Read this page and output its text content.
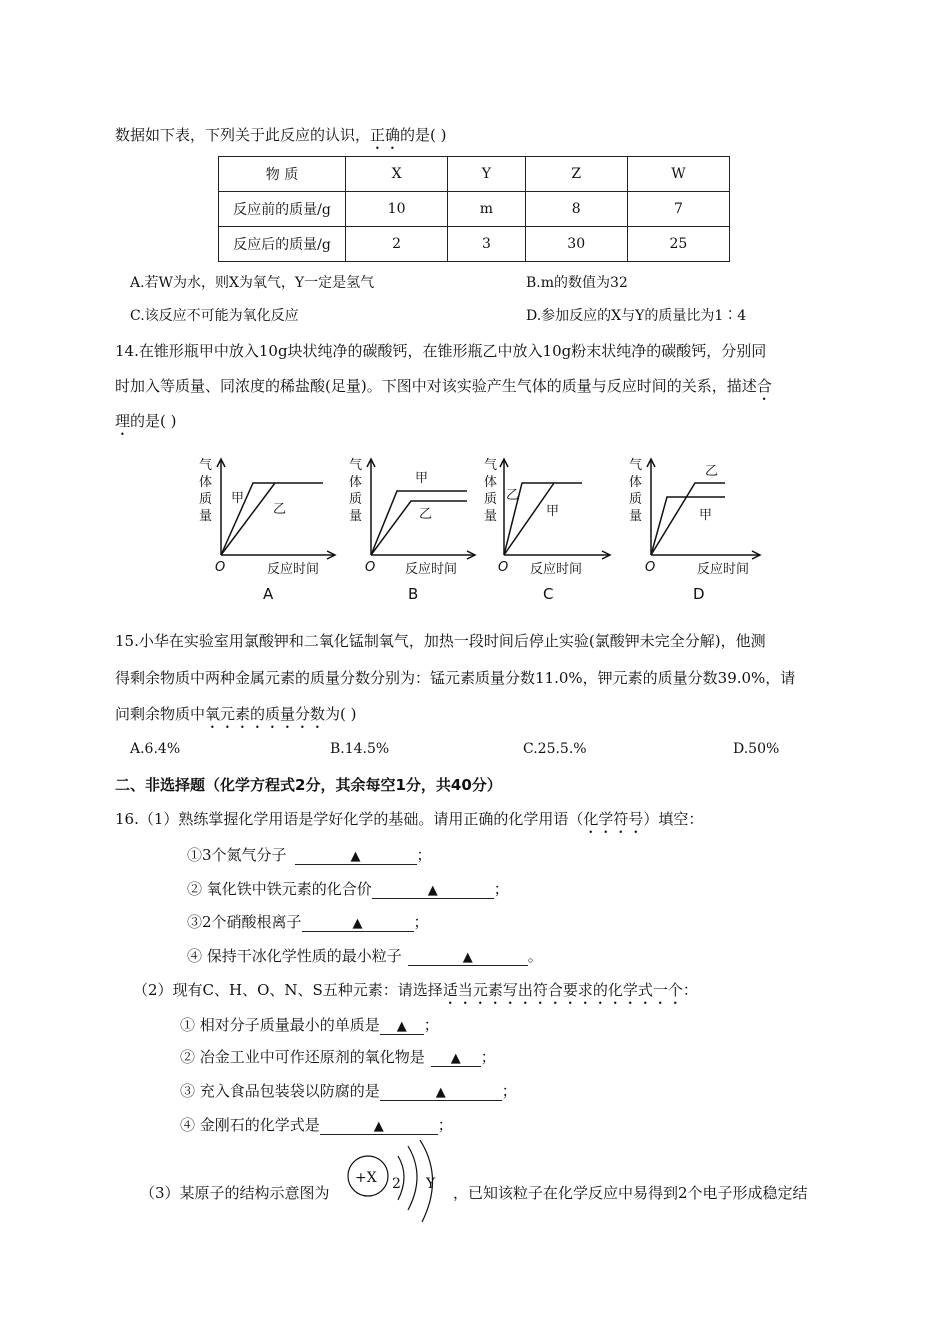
数据如下表，下列关于此反应的认识，正确的是( )
物 质	X	Y	Z	W
反应前的质量/g	10	m	8	7
反应后的质量/g	2	3	30	25
A.若W为水，则X为氧气，Y一定是氢气	B.m的数值为32
C.该反应不可能为氧化反应	D.参加反应的X与Y的质量比为1∶4
14.在锥形瓶甲中放入10g块状纯净的碳酸钙，在锥形瓶乙中放入10g粉末状纯净的碳酸钙，分别同
时加入等质量、同浓度的稀盐酸(足量)。下图中对该实验产生气体的质量与反应时间的关系，描述合
理的是( )
气
体
质
量
O	反应时间
甲
乙
A
气
体
质
量
O 反应时间
甲
乙
B
气
体
质
量
O 反应时间
乙
甲
C
气
体
质
量
O	反应时间
乙
甲
D
15.小华在实验室用氯酸钾和二氧化锰制氧气，加热一段时间后停止实验(氯酸钾未完全分解)，他测
得剩余物质中两种金属元素的质量分数分别为：锰元素质量分数11.0%，钾元素的质量分数39.0%，请
问剩余物质中氧元素的质量分数为( )
A.6.4%	B.14.5%	C.25.5.%	D.50%
二、非选择题（化学方程式2分，其余每空1分，共40分）
16.（1）熟练掌握化学用语是学好化学的基础。请用正确的化学用语（化学符号）填空：
①3个氮气分子	▲	；
② 氧化铁中铁元素的化合价	▲	；
③2个硝酸根离子	▲	；
④ 保持干冰化学性质的最小粒子	▲	。
（2）现有C、H、O、N、S五种元素：请选择适当元素写出符合要求的化学式一个：
① 相对分子质量最小的单质是 ▲ ；
② 冶金工业中可作还原剂的氧化物是 ▲ ；
③ 充入食品包装袋以防腐的是	▲	；
④ 金刚石的化学式是	▲	；
（3）某原子的结构示意图为
+X 2 Y ，已知该粒子在化学反应中易得到2个电子形成稳定结
